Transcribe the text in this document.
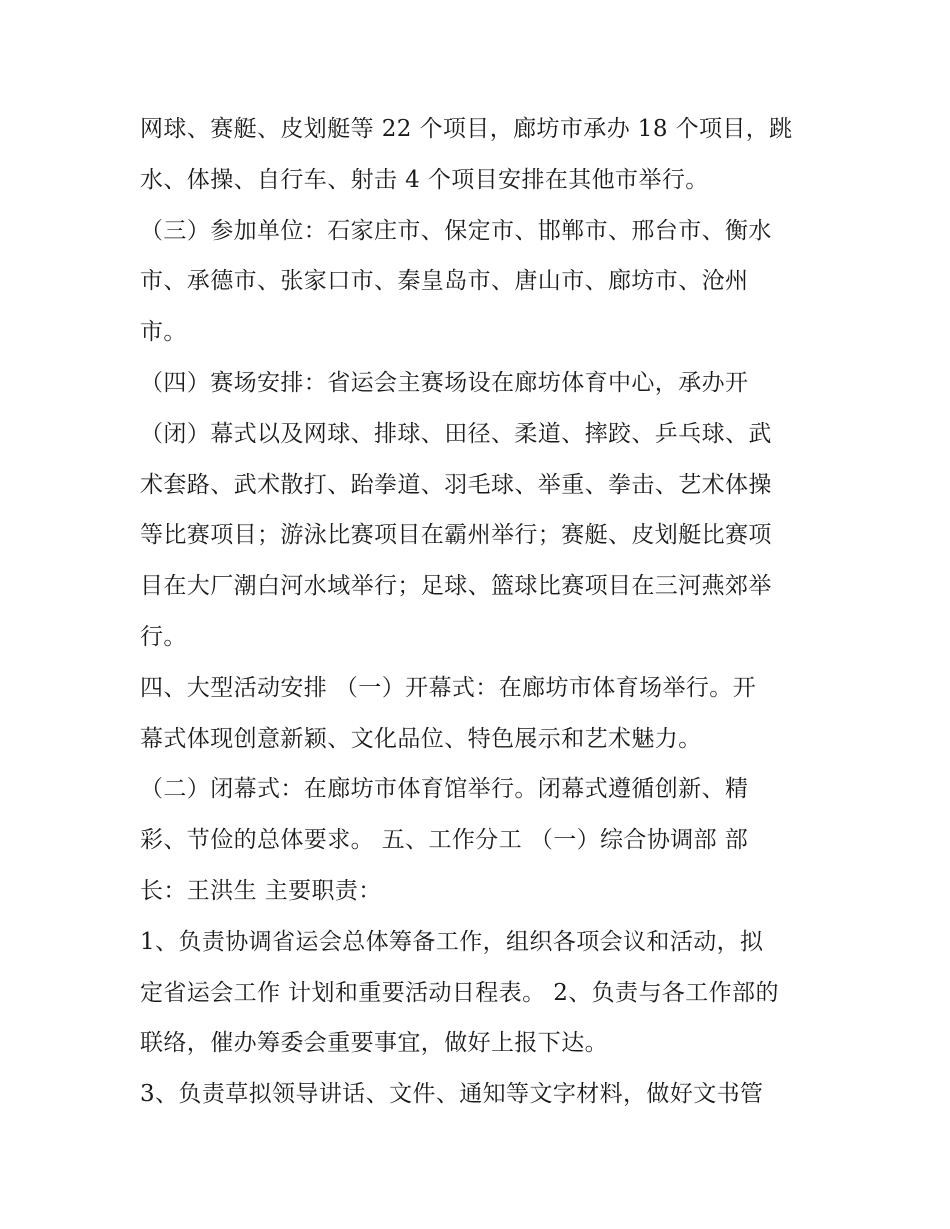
网球、赛艇、皮划艇等 22 个项目，廊坊市承办 18 个项目，跳
水、体操、自行车、射击 4 个项目安排在其他市举行。
（三）参加单位：石家庄市、保定市、邯郸市、邢台市、衡水
市、承德市、张家口市、秦皇岛市、唐山市、廊坊市、沧州
市。
（四）赛场安排：省运会主赛场设在廊坊体育中心，承办开
（闭）幕式以及网球、排球、田径、柔道、摔跤、乒乓球、武
术套路、武术散打、跆拳道、羽毛球、举重、拳击、艺术体操
等比赛项目；游泳比赛项目在霸州举行；赛艇、皮划艇比赛项
目在大厂潮白河水域举行；足球、篮球比赛项目在三河燕郊举
行。
四、大型活动安排 （一）开幕式：在廊坊市体育场举行。开
幕式体现创意新颖、文化品位、特色展示和艺术魅力。
（二）闭幕式：在廊坊市体育馆举行。闭幕式遵循创新、精
彩、节俭的总体要求。 五、工作分工 （一）综合协调部 部
长：王洪生 主要职责：
1、负责协调省运会总体筹备工作，组织各项会议和活动，拟
定省运会工作 计划和重要活动日程表。 2、负责与各工作部的
联络，催办筹委会重要事宜，做好上报下达。
3、负责草拟领导讲话、文件、通知等文字材料，做好文书管
